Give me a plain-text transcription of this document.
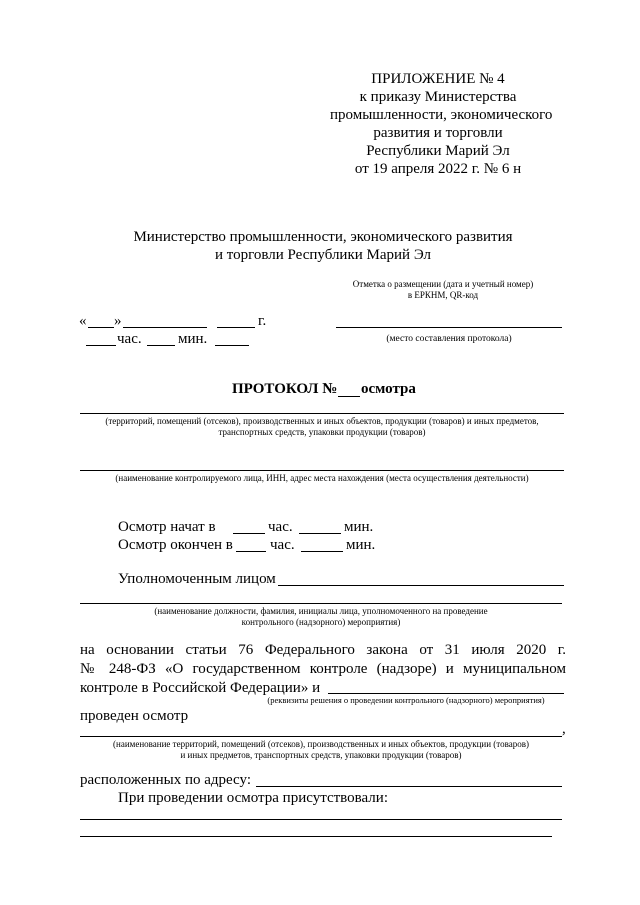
ПРИЛОЖЕНИЕ № 4
к приказу Министерства
промышленности, экономического
развития и торговли
Республики Марий Эл
от 19 апреля 2022 г. № 6 н
Министерство промышленности, экономического развития
и торговли Республики Марий Эл
Отметка о размещении (дата и учетный номер)
в ЕРКНМ, QR-код
« »	г.
час. мин.	(место составления протокола)
ПРОТОКОЛ № осмотра
(территорий, помещений (отсеков), производственных и иных объектов, продукции (товаров) и иных предметов,
транспортных средств, упаковки продукции (товаров)
(наименование контролируемого лица, ИНН, адрес места нахождения (места осуществления деятельности)
Осмотр начат в	час.	мин.
Осмотр окончен в час.	мин.
Уполномоченным лицом
(наименование должности, фамилия, инициалы лица, уполномоченного на проведение
контрольного (надзорного) мероприятия)
на основании статьи 76 Федерального закона от 31 июля 2020 г.
№ 248-ФЗ «О государственном контроле (надзоре) и муниципальном
контроле в Российской Федерации» и
(реквизиты решения о проведении контрольного (надзорного) мероприятия)
проведен осмотр
,
(наименование территорий, помещений (отсеков), производственных и иных объектов, продукции (товаров)
и иных предметов, транспортных средств, упаковки продукции (товаров)
расположенных по адресу:
При проведении осмотра присутствовали:
